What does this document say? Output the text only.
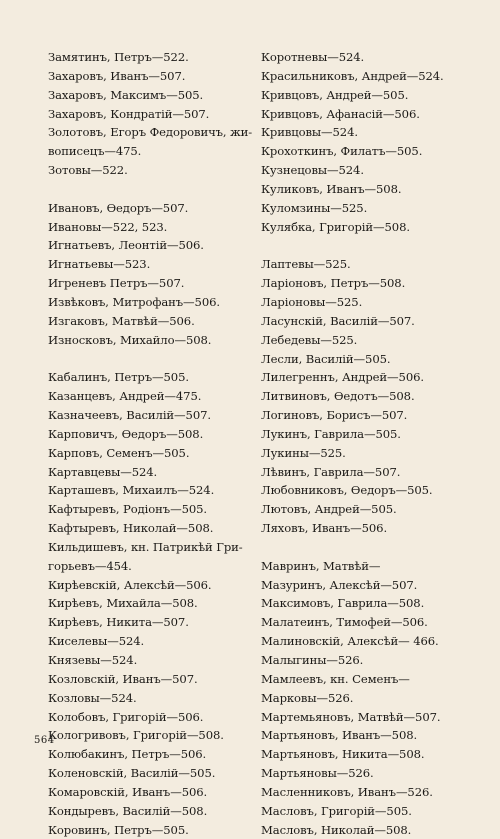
Замятинъ, Петръ—522.
Захаровъ, Иванъ—507.
Захаровъ, Максимъ—505.
Захаровъ, Кондратій—507.
Золотовъ, Егоръ Федоровичъ, жи-
вописецъ—475.
Зотовы—522.
Ивановъ, Ѳедоръ—507.
Ивановы—522, 523.
Игнатьевъ, Леонтій—506.
Игнатьевы—523.
Игреневъ Петръ—507.
Извѣковъ, Митрофанъ—506.
Изгаковъ, Матвѣй—506.
Износковъ, Михайло—508.
Кабалинъ, Петръ—505.
Казанцевъ, Андрей—475.
Казначеевъ, Василій—507.
Карповичъ, Ѳедоръ—508.
Карповъ, Семенъ—505.
Картавцевы—524.
Карташевъ, Михаилъ—524.
Кафтыревъ, Родіонъ—505.
Кафтыревъ, Николай—508.
Кильдишевъ, кн. Патрикѣй Гри-
горьевъ—454.
Кирѣевскій, Алексѣй—506.
Кирѣевъ, Михайла—508.
Кирѣевъ, Никита—507.
Киселевы—524.
Князевы—524.
Козловскій, Иванъ—507.
Козловы—524.
Колобовъ, Григорій—506.
Кологривовъ, Григорій—508.
Колюбакинъ, Петръ—506.
Коленовскій, Василій—505.
Комаровскій, Иванъ—506.
Кондыревъ, Василій—508.
Коровинъ, Петръ—505.
Коротневы—524.
Красильниковъ, Андрей—524.
Кривцовъ, Андрей—505.
Кривцовъ, Афанасій—506.
Кривцовы—524.
Крохоткинъ, Филатъ—505.
Кузнецовы—524.
Куликовъ, Иванъ—508.
Куломзины—525.
Кулябка, Григорій—508.
Лаптевы—525.
Ларіоновъ, Петръ—508.
Ларіоновы—525.
Ласунскій, Василій—507.
Лебедевы—525.
Лесли, Василій—505.
Лилегреннъ, Андрей—506.
Литвиновъ, Ѳедотъ—508.
Логиновъ, Борисъ—507.
Лукинъ, Гаврила—505.
Лукины—525.
Лѣвинъ, Гаврила—507.
Любовниковъ, Ѳедоръ—505.
Лютовъ, Андрей—505.
Ляховъ, Иванъ—506.
Мавринъ, Матвѣй—
Мазуринъ, Алексѣй—507.
Максимовъ, Гаврила—508.
Малатеинъ, Тимофей—506.
Малиновскій, Алексѣй— 466.
Малыгины—526.
Мамлеевъ, кн. Семенъ—
Марковы—526.
Мартемьяновъ, Матвѣй—507.
Мартьяновъ, Иванъ—508.
Мартьяновъ, Никита—508.
Мартьяновы—526.
Масленниковъ, Иванъ—526.
Масловъ, Григорій—505.
Масловъ, Николай—508.
564
